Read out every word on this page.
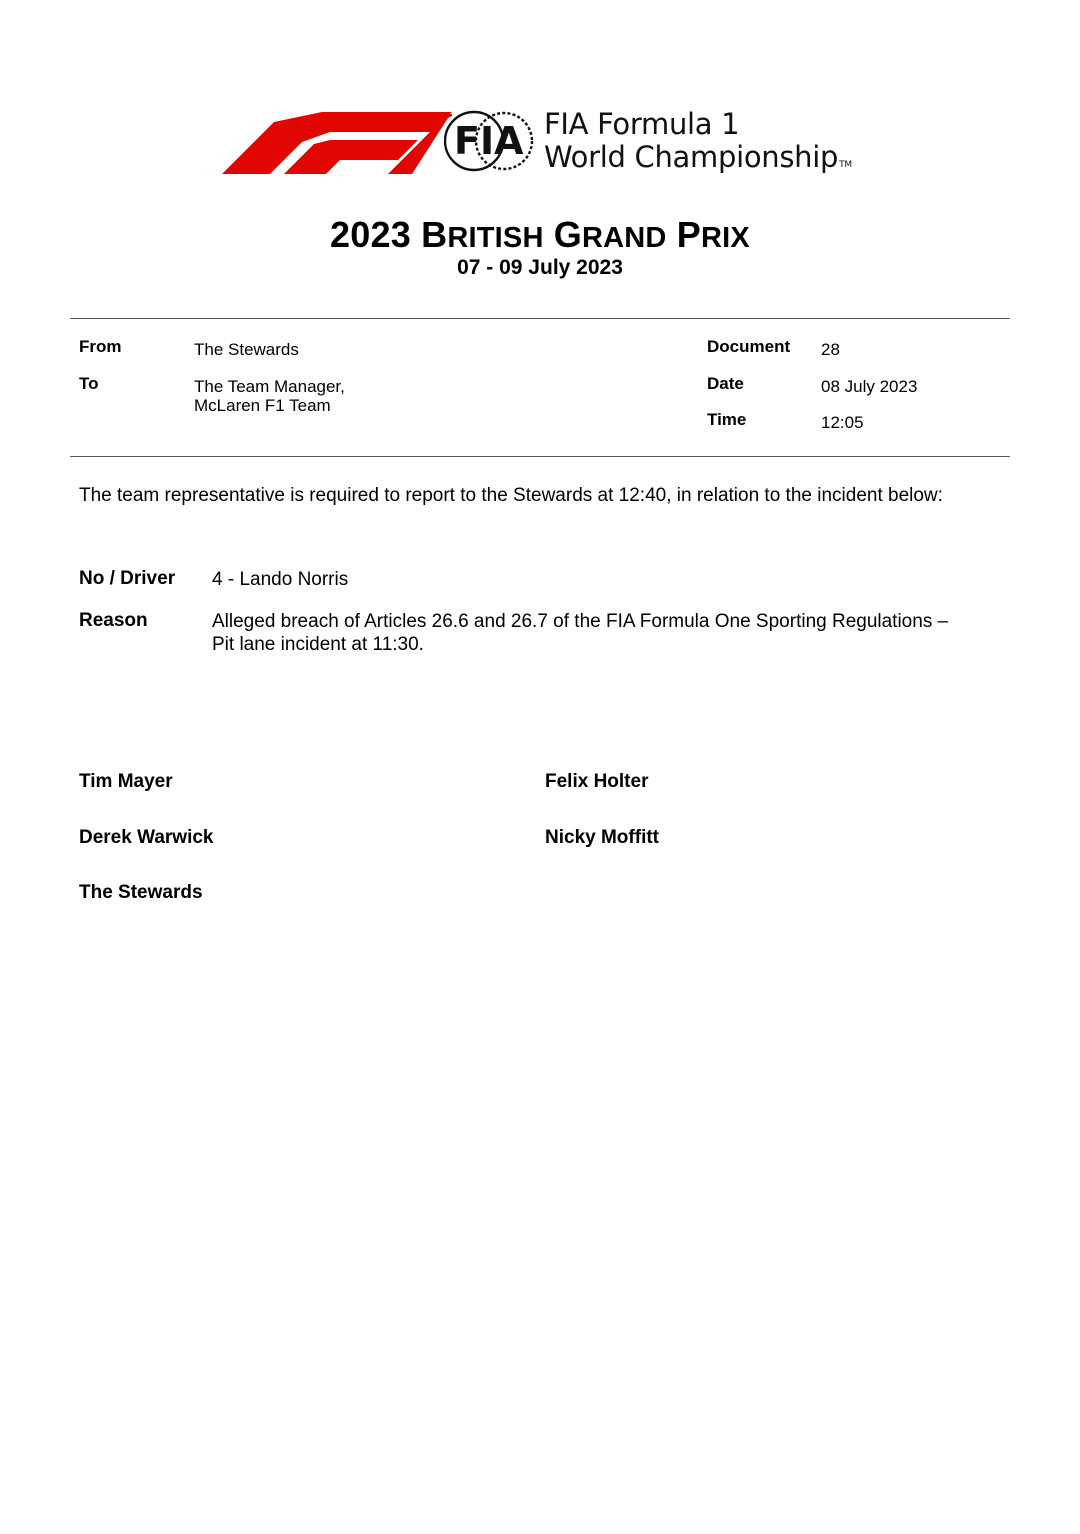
FIA FIA Formula 1
World ChampionshipTM
2023 BRITISH GRAND PRIX
07 - 09 July 2023
From	The Stewards
To	The Team Manager,
McLaren F1 Team
Document 28
Date	08 July 2023
Time	12:05
The team representative is required to report to the Stewards at 12:40, in relation to the incident below:
No / Driver 4 - Lando Norris
Reason	Alleged breach of Articles 26.6 and 26.7 of the FIA Formula One Sporting Regulations – Pit lane incident at 11:30.
Tim Mayer	Felix Holter
Derek Warwick	Nicky Moffitt
The Stewards
